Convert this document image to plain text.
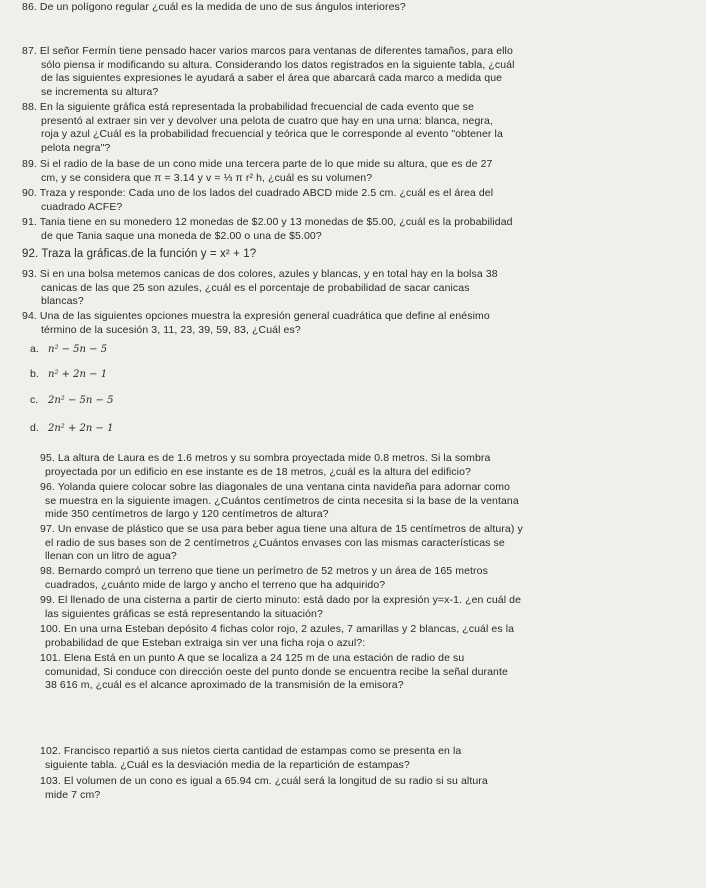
86. De un polígono regular ¿cuál es la medida de uno de sus ángulos interiores?
87. El señor Fermín tiene pensado hacer varios marcos para ventanas de diferentes tamaños, para ello
sólo piensa ir modificando su altura. Considerando los datos registrados en la siguiente tabla, ¿cuál
de las siguientes expresiones le ayudará a saber el área que abarcará cada marco a medida que
se incrementa su altura?
88. En la siguiente gráfica está representada la probabilidad frecuencial de cada evento que se
presentó al extraer sin ver y devolver una pelota de cuatro que hay en una urna: blanca, negra,
roja y azul ¿Cuál es la probabilidad frecuencial y teórica que le corresponde al evento "obtener la
pelota negra"?
89. Si el radio de la base de un cono mide una tercera parte de lo que mide su altura, que es de 27
cm, y se considera que π = 3.14 y v = ⅓ π r² h, ¿cuál es su volumen?
90. Traza y responde: Cada uno de los lados del cuadrado ABCD mide 2.5 cm. ¿cuál es el área del
cuadrado ACFE?
91. Tania tiene en su monedero 12 monedas de $2.00 y 13 monedas de $5.00, ¿cuál es la probabilidad
de que Tania saque una moneda de $2.00 o una de $5.00?
92. Traza la gráficas.de la función y = x² + 1?
93. Si en una bolsa metemos canicas de dos colores, azules y blancas, y en total hay en la bolsa 38
canicas de las que 25 son azules, ¿cuál es el porcentaje de probabilidad de sacar canicas
blancas?
94. Una de las siguientes opciones muestra la expresión general cuadrática que define al enésimo
término de la sucesión 3, 11, 23, 39, 59, 83, ¿Cuál es?
a. n² − 5n − 5
b. n² + 2n − 1
c. 2n² − 5n − 5
d. 2n² + 2n − 1
95. La altura de Laura es de 1.6 metros y su sombra proyectada mide 0.8 metros. Si la sombra
proyectada por un edificio en ese instante es de 18 metros, ¿cuál es la altura del edificio?
96. Yolanda quiere colocar sobre las diagonales de una ventana cinta navideña para adornar como
se muestra en la siguiente imagen. ¿Cuántos centímetros de cinta necesita si la base de la ventana
mide 350 centímetros de largo y 120 centímetros de altura?
97. Un envase de plástico que se usa para beber agua tiene una altura de 15 centímetros de altura) y
el radio de sus bases son de 2 centímetros ¿Cuántos envases con las mismas características se
llenan con un litro de agua?
98. Bernardo compró un terreno que tiene un perímetro de 52 metros y un área de 165 metros
cuadrados, ¿cuánto mide de largo y ancho el terreno que ha adquirido?
99. El llenado de una cisterna a partir de cierto minuto: está dado por la expresión y=x-1. ¿en cuál de
las siguientes gráficas se está representando la situación?
100. En una urna Esteban depósito 4 fichas color rojo, 2 azules, 7 amarillas y 2 blancas, ¿cuál es la
probabilidad de que Esteban extraiga sin ver una ficha roja o azul?:
101. Elena Está en un punto A que se localiza a 24 125 m de una estación de radio de su
comunidad, Si conduce con dirección oeste del punto donde se encuentra recibe la señal durante
38 616 m, ¿cuál es el alcance aproximado de la transmisión de la emisora?
102. Francisco repartió a sus nietos cierta cantidad de estampas como se presenta en la
siguiente tabla. ¿Cuál es la desviación media de la repartición de estampas?
103. El volumen de un cono es igual a 65.94 cm. ¿cuál será la longitud de su radio si su altura
mide 7 cm?
